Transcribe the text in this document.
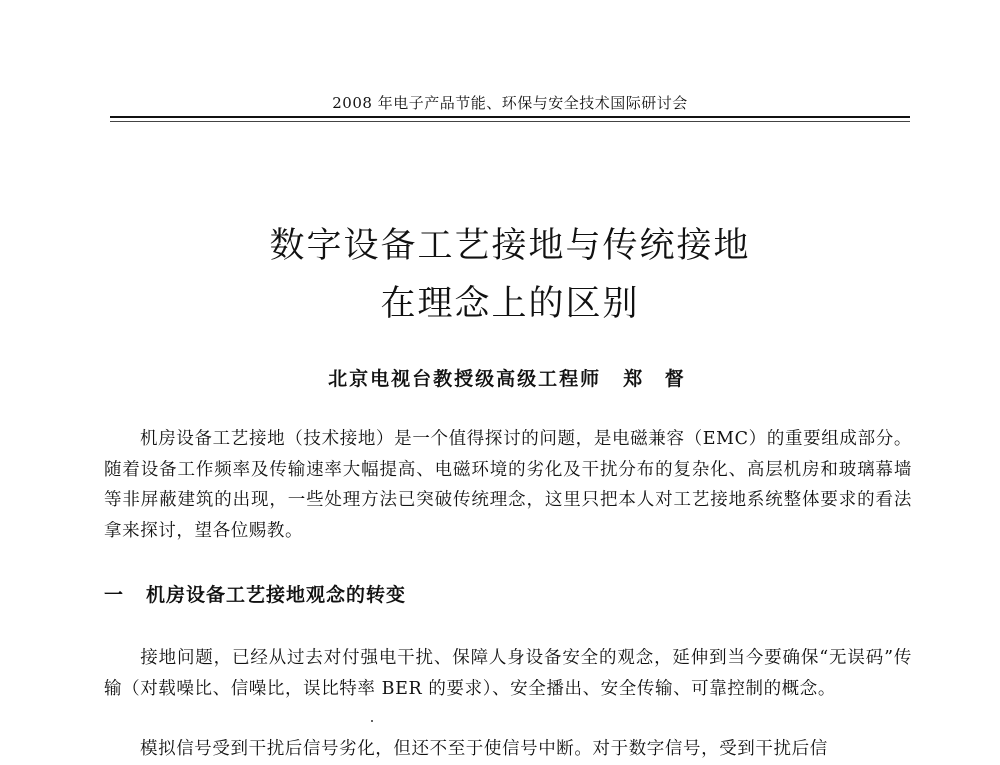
2008 年电子产品节能、环保与安全技术国际研讨会
数字设备工艺接地与传统接地
在理念上的区别
北京电视台教授级高级工程师 郑 督

机房设备工艺接地（技术接地）是一个值得探讨的问题，是电磁兼容（EMC）的重要组成部分。随着设备工作频率及传输速率大幅提高、电磁环境的劣化及干扰分布的复杂化、高层机房和玻璃幕墙等非屏蔽建筑的出现，一些处理方法已突破传统理念，这里只把本人对工艺接地系统整体要求的看法拿来探讨，望各位赐教。

一 机房设备工艺接地观念的转变

接地问题，已经从过去对付强电干扰、保障人身设备安全的观念，延伸到当今要确保“无误码”传输（对载噪比、信噪比，误比特率 BER 的要求）、安全播出、安全传输、可靠控制的概念。

模拟信号受到干扰后信号劣化，但还不至于使信号中断。对于数字信号，受到干扰后信
